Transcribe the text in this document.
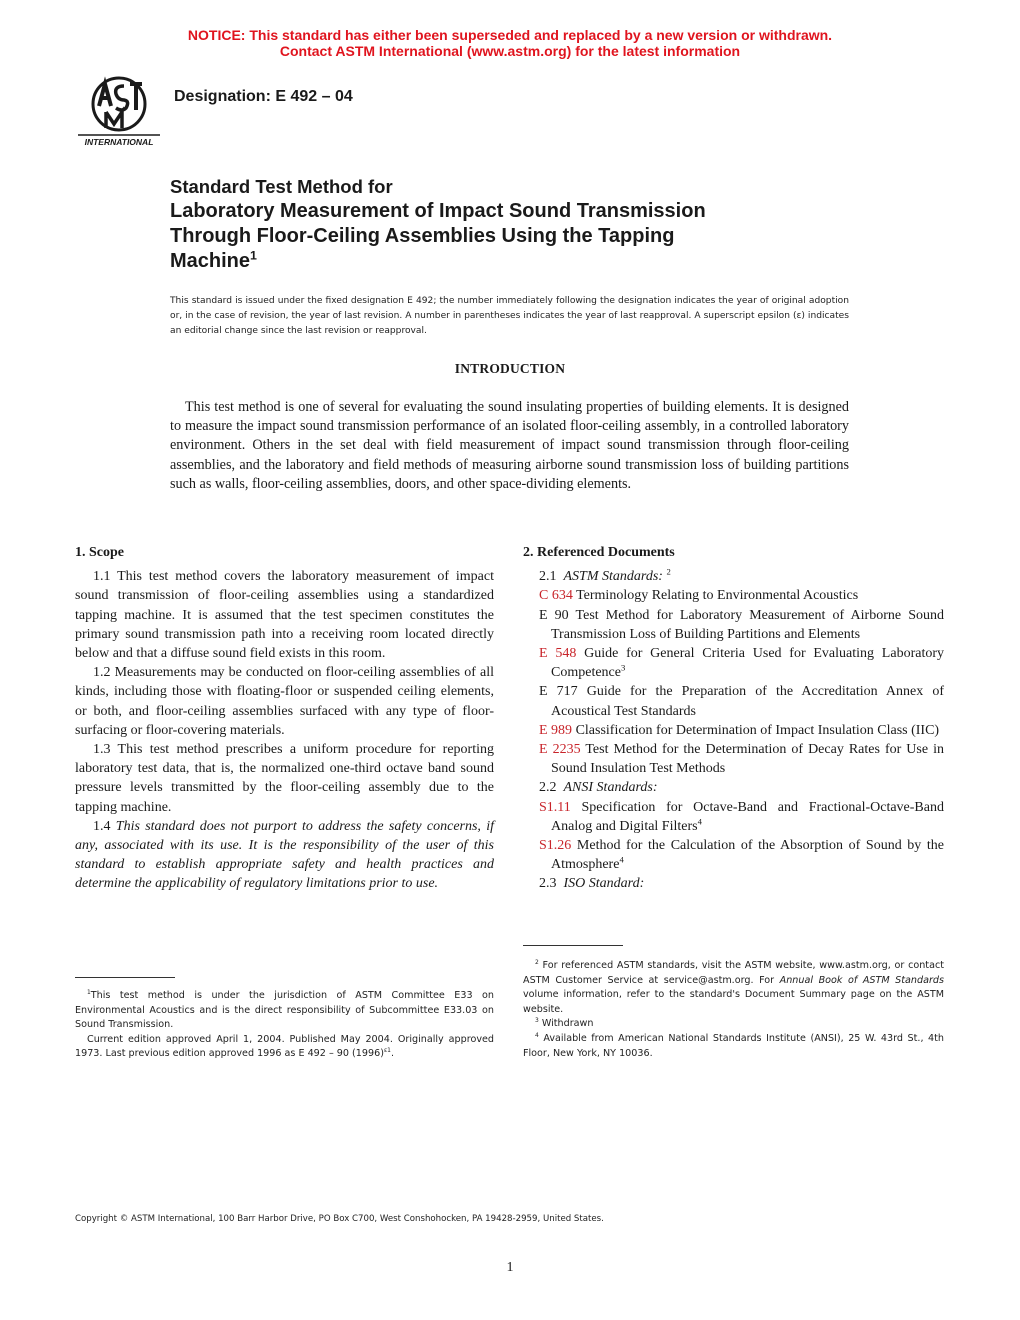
NOTICE: This standard has either been superseded and replaced by a new version or withdrawn.
Contact ASTM International (www.astm.org) for the latest information
INTERNATIONAL
Designation: E 492 – 04
Standard Test Method for
Laboratory Measurement of Impact Sound Transmission
Through Floor-Ceiling Assemblies Using the Tapping
Machine$^1$
This standard is issued under the fixed designation E 492; the number immediately following the designation indicates the year of original adoption or, in the case of revision, the year of last revision. A number in parentheses indicates the year of last reapproval. A superscript epsilon (ε) indicates an editorial change since the last revision or reapproval.
INTRODUCTION
This test method is one of several for evaluating the sound insulating properties of building elements. It is designed to measure the impact sound transmission performance of an isolated floor-ceiling assembly, in a controlled laboratory environment. Others in the set deal with field measurement of impact sound transmission through floor-ceiling assemblies, and the laboratory and field methods of measuring airborne sound transmission loss of building partitions such as walls, floor-ceiling assemblies, doors, and other space-dividing elements.
1. Scope

1.1 This test method covers the laboratory measurement of impact sound transmission of floor-ceiling assemblies using a standardized tapping machine. It is assumed that the test specimen constitutes the primary sound transmission path into a receiving room located directly below and that a diffuse sound field exists in this room.

1.2 Measurements may be conducted on floor-ceiling assemblies of all kinds, including those with floating-floor or suspended ceiling elements, or both, and floor-ceiling assemblies surfaced with any type of floor-surfacing or floor-covering materials.

1.3 This test method prescribes a uniform procedure for reporting laboratory test data, that is, the normalized one-third octave band sound pressure levels transmitted by the floor-ceiling assembly due to the tapping machine.

1.4 This standard does not purport to address the safety concerns, if any, associated with its use. It is the responsibility of the user of this standard to establish appropriate safety and health practices and determine the applicability of regulatory limitations prior to use.

2. Referenced Documents

2.1 ASTM Standards: $^2$

C 634 Terminology Relating to Environmental Acoustics

E 90 Test Method for Laboratory Measurement of Airborne Sound Transmission Loss of Building Partitions and Elements

E 548 Guide for General Criteria Used for Evaluating Laboratory Competence$^3$

E 717 Guide for the Preparation of the Accreditation Annex of Acoustical Test Standards

E 989 Classification for Determination of Impact Insulation Class (IIC)

E 2235 Test Method for the Determination of Decay Rates for Use in Sound Insulation Test Methods

2.2 ANSI Standards:

S1.11 Specification for Octave-Band and Fractional-Octave-Band Analog and Digital Filters$^4$

S1.26 Method for the Calculation of the Absorption of Sound by the Atmosphere$^4$

2.3 ISO Standard:

$^1$This test method is under the jurisdiction of ASTM Committee E33 on Environmental Acoustics and is the direct responsibility of Subcommittee E33.03 on Sound Transmission.

Current edition approved April 1, 2004. Published May 2004. Originally approved 1973. Last previous edition approved 1996 as E 492 – 90 $(1996)^{\varepsilon 1}$.

$^2$ For referenced ASTM standards, visit the ASTM website, www.astm.org, or contact ASTM Customer Service at service@astm.org. For Annual Book of ASTM Standards volume information, refer to the standard's Document Summary page on the ASTM website.

$^3$ Withdrawn

$^4$ Available from American National Standards Institute (ANSI), 25 W. 43rd St., 4th Floor, New York, NY 10036.

Copyright © ASTM International, 100 Barr Harbor Drive, PO Box C700, West Conshohocken, PA 19428-2959, United States.
1
